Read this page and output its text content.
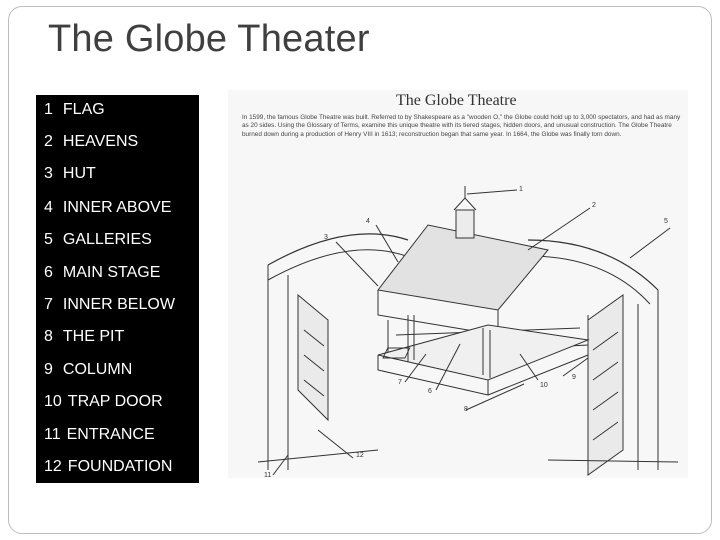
The Globe Theater
1 FLAG
2 HEAVENS
3 HUT
4 INNER ABOVE
5 GALLERIES
6 MAIN STAGE
7 INNER BELOW
8 THE PIT
9 COLUMN
10 TRAP DOOR
11 ENTRANCE
12 FOUNDATION
The Globe Theatre
In 1599, the famous Globe Theatre was built. Referred to by Shakespeare as a "wooden O," the Globe could hold up to 3,000 spectators, and had as many as 20 sides. Using the Glossary of Terms, examine this unique theatre with its tiered stages, hidden doors, and unusual construction. The Globe Theatre burned down during a production of Henry VIII in 1613; reconstruction began that same year. In 1664, the Globe was finally torn down.
1
2
3
4	5
6
7
8
9
10
11
12
